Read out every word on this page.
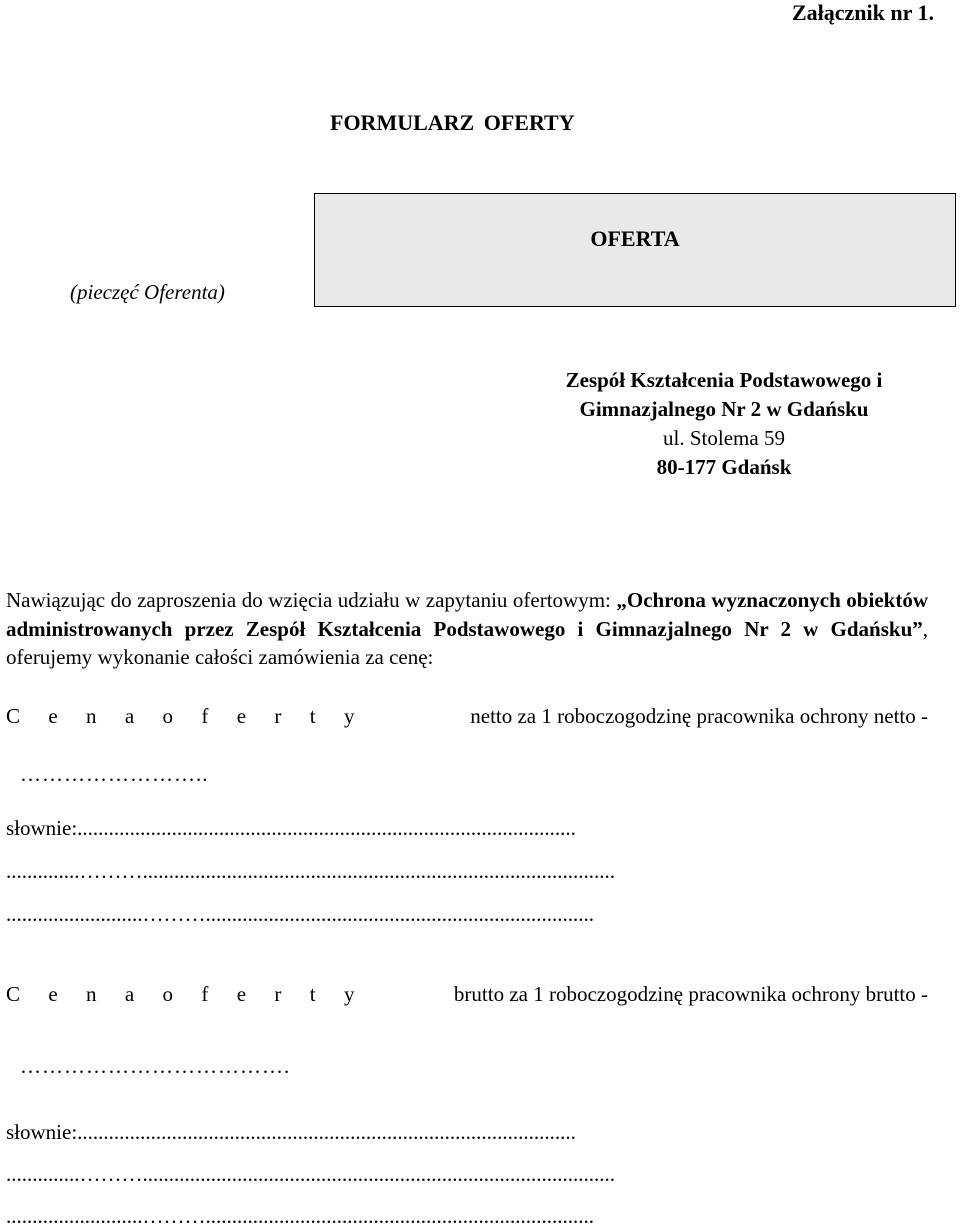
Załącznik nr 1.
FORMULARZ OFERTY
OFERTA
(pieczęć Oferenta)
Zespół Kształcenia Podstawowego i
Gimnazjalnego Nr 2 w Gdańsku
ul. Stolema 59
80-177 Gdańsk
Nawiązując do zaproszenia do wzięcia udziału w zapytaniu ofertowym: „Ochrona wyznaczonych obiektów administrowanych przez Zespół Kształcenia Podstawowego i Gimnazjalnego Nr 2 w Gdańsku”, oferujemy wykonanie całości zamówienia za cenę:
C e n a o f e r t y	netto za 1 roboczogodzinę pracownika ochrony netto -
……………………..
słownie:...............................................................................................
..............………..........................................................................................
..........................………..........................................................................
C e n a o f e r t y	brutto za 1 roboczogodzinę pracownika ochrony brutto -
……………………………….
słownie:...............................................................................................
..............………..........................................................................................
..........................………..........................................................................
